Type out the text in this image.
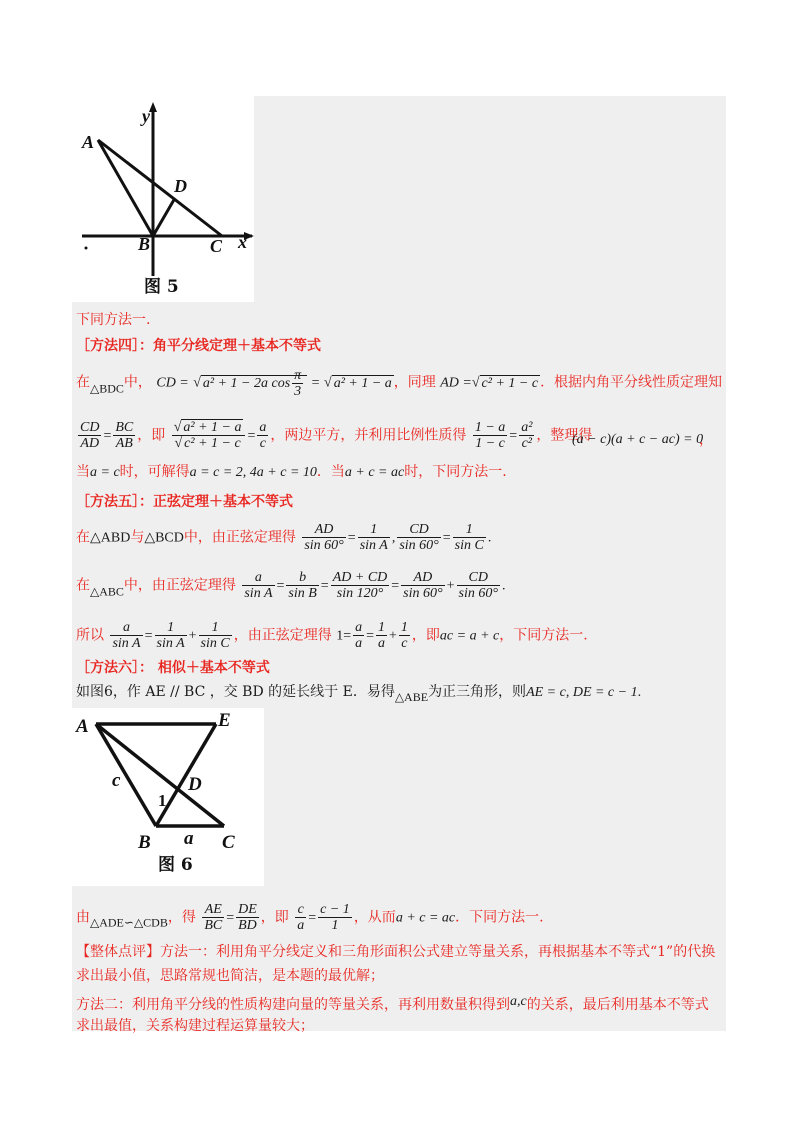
A
D
B	C x
y
图 5
下同方法一.
［方法四］：角平分线定理＋基本不等式
在△BDC中， CD = √ a² + 1 − 2a $\cos \frac{\pi}{3}$ = √ a² + 1 − a ，同理 AD =√ c² + 1 − c ．根据内角平分线性质定理知
$\frac{CD}{AD} = \frac{BC}{AB}$ ，即 $\frac{\text{√ a² + 1 − a}}{\text{√ c² + 1 − c}} = \frac{a}{c}$ ，两边平方，并利用比例性质得 $\frac{1 - a}{1 - c} = \frac{\text{a²}}{\text{c²}}$ ，整理得
(a − c)(a + c − ac) = 0
，
当a = c时，可解得a = c = 2, 4a + c = 10．当a + c = ac时，下同方法一.
［方法五］：正弦定理＋基本不等式
在△ABD与△BCD中，由正弦定理得 $\frac{AD}{\sin 60^\circ} = \frac{1}{\text{sin A}}$ , $\frac{CD}{\sin 60^\circ} = \frac{1}{\text{sin C}}$ .
在△ABC中，由正弦定理得 $\frac{a}{\text{sin A}} = \frac{b}{\text{sin B}} = \frac{AD + CD}{\sin 120^\circ} = \frac{AD}{\sin 60^\circ} + \frac{CD}{\sin 60^\circ}$ .
所以 $\frac{a}{\text{sin A}} = \frac{1}{\text{sin A}} + \frac{1}{\text{sin C}}$ ，由正弦定理得 $1= \frac{a}{a} = \frac{1}{a} + \frac{1}{c}$ ，即ac = a + c，下同方法一.
［方法六］： 相似＋基本不等式
如图6，作 AE // BC ，交 BD 的延长线于 E．易得△ABE为正三角形，则AE = c, DE = c − 1.
A	E
D
c
B	C
a
1
图 6
由△ADE∽△CDB，得 $\frac{AE}{BC} = \frac{DE}{BD}$ ，即 $\frac{c}{a} = \frac{c - 1}{1}$ ，从而a + c = ac．下同方法一.
【整体点评】方法一：利用角平分线定义和三角形面积公式建立等量关系，再根据基本不等式“1”的代换
求出最小值，思路常规也简洁，是本题的最优解；
方法二：利用角平分线的性质构建向量的等量关系，再利用数量积得到a,c的关系，最后利用基本不等式
求出最值，关系构建过程运算量较大；
